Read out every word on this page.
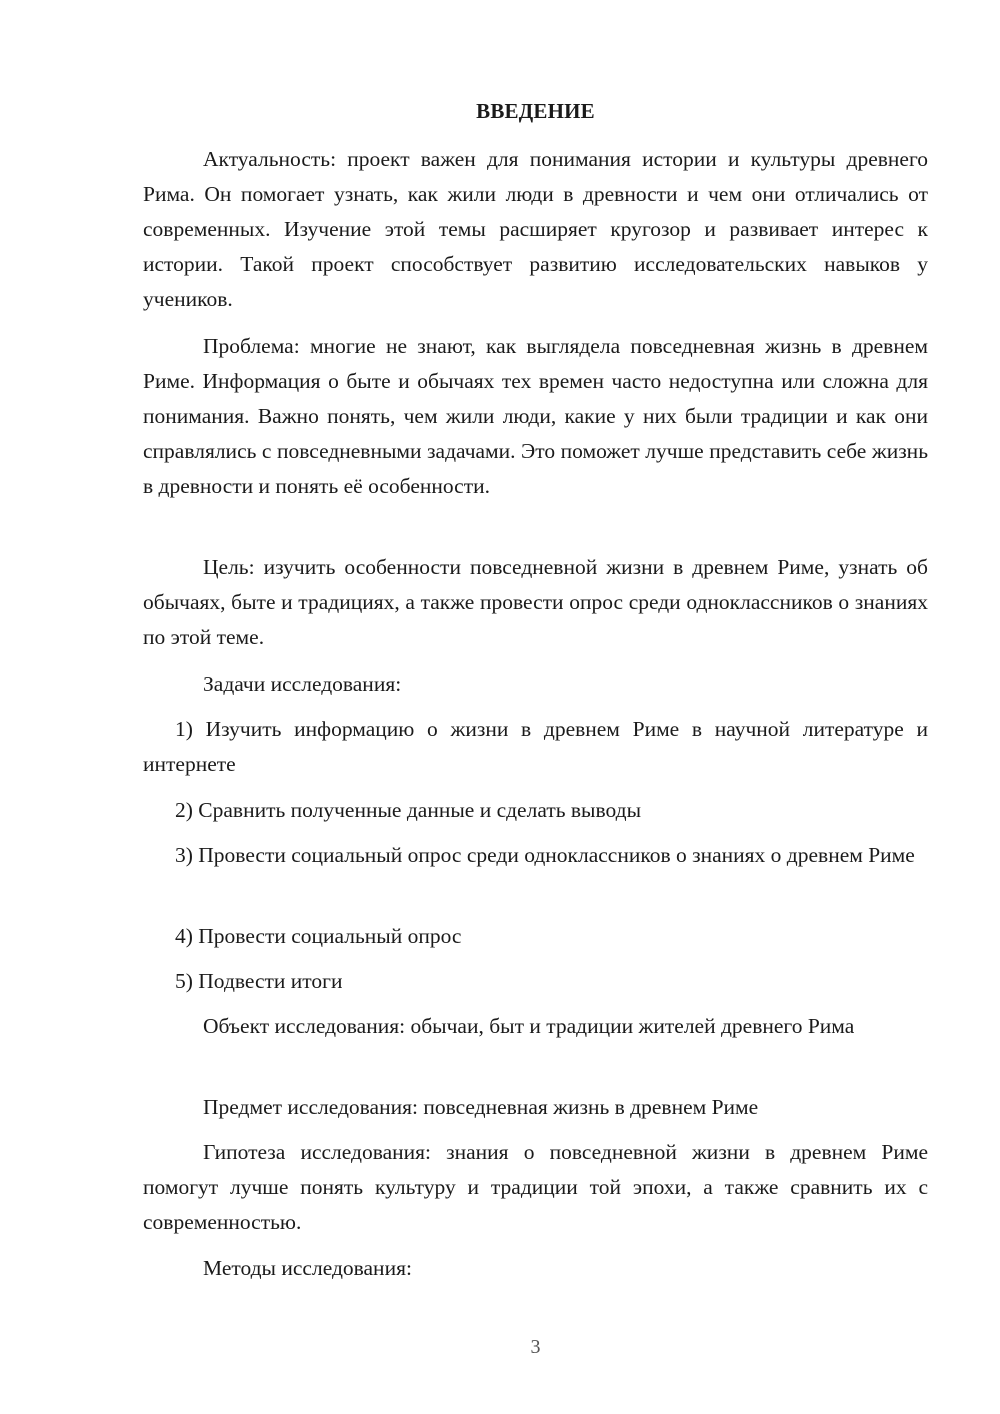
ВВЕДЕНИЕ

Актуальность: проект важен для понимания истории и культуры древнего Рима. Он помогает узнать, как жили люди в древности и чем они отличались от современных. Изучение этой темы расширяет кругозор и развивает интерес к истории. Такой проект способствует развитию исследовательских навыков у учеников.

Проблема: многие не знают, как выглядела повседневная жизнь в древнем Риме. Информация о быте и обычаях тех времен часто недоступна или сложна для понимания. Важно понять, чем жили люди, какие у них были традиции и как они справлялись с повседневными задачами. Это поможет лучше представить себе жизнь в древности и понять её особенности.

Цель: изучить особенности повседневной жизни в древнем Риме, узнать об обычаях, быте и традициях, а также провести опрос среди одноклассников о знаниях по этой теме.

Задачи исследования:

1) Изучить информацию о жизни в древнем Риме в научной литературе и интернете

2) Сравнить полученные данные и сделать выводы

3) Провести социальный опрос среди одноклассников о знаниях о древнем Риме

4) Провести социальный опрос

5) Подвести итоги

Объект исследования: обычаи, быт и традиции жителей древнего Рима

Предмет исследования: повседневная жизнь в древнем Риме

Гипотеза исследования: знания о повседневной жизни в древнем Риме помогут лучше понять культуру и традиции той эпохи, а также сравнить их с современностью.

Методы исследования:

3
